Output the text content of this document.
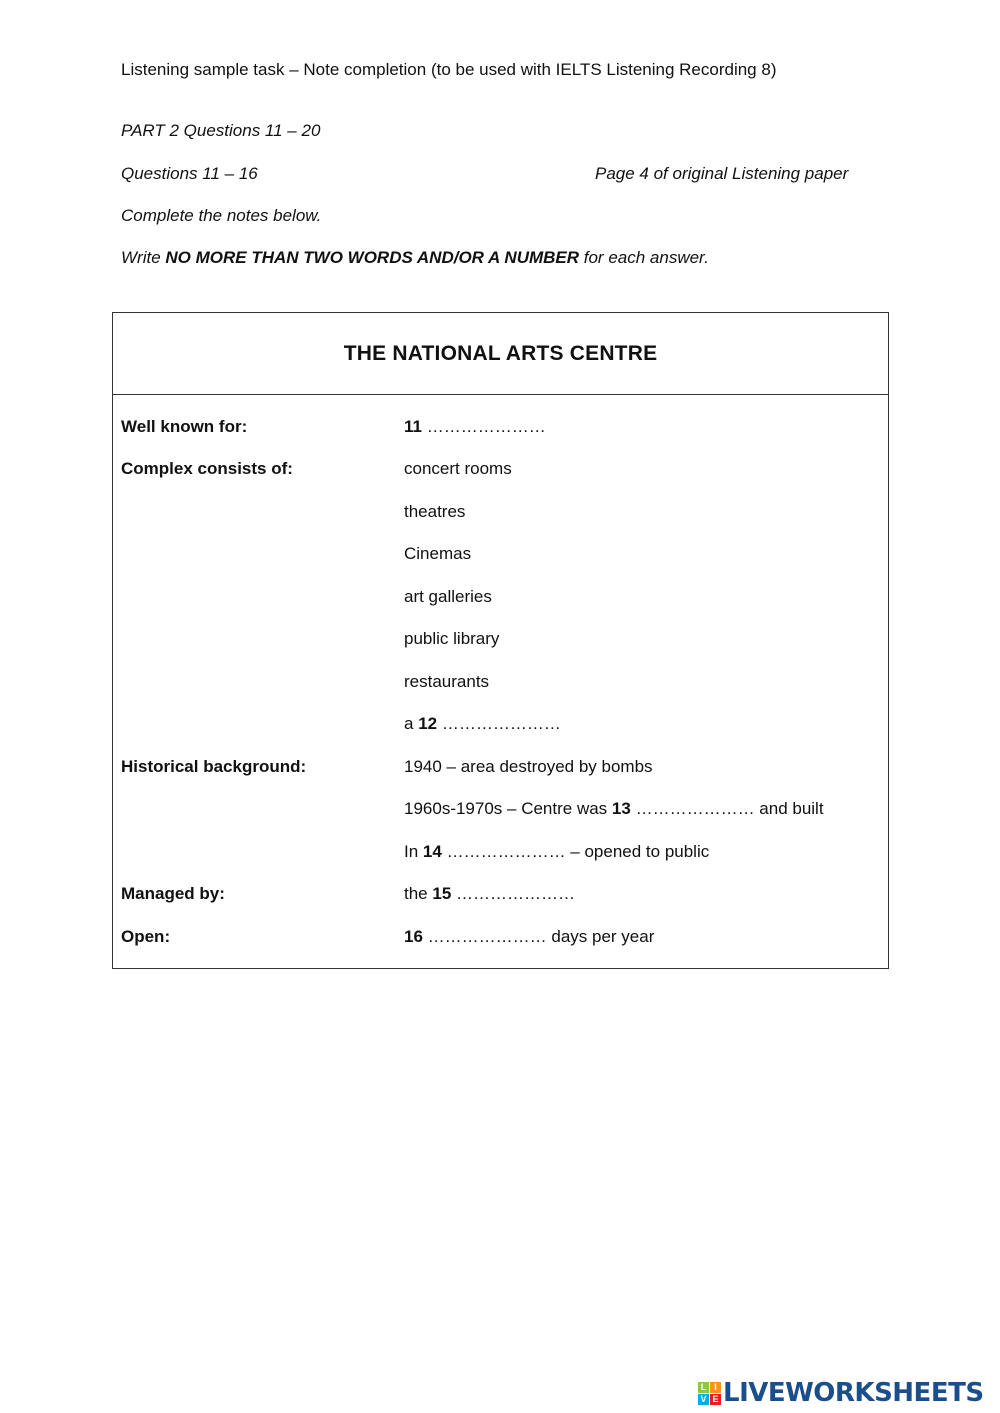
Listening sample task – Note completion (to be used with IELTS Listening Recording 8)
PART 2 Questions 11 – 20
Questions 11 – 16	Page 4 of original Listening paper
Complete the notes below.
Write NO MORE THAN TWO WORDS AND/OR A NUMBER for each answer.
THE NATIONAL ARTS CENTRE
Well known for:	11 …………………
Complex consists of:	concert rooms
theatres
Cinemas
art galleries
public library
restaurants
a 12 …………………
Historical background:	1940 – area destroyed by bombs
1960s-1970s – Centre was 13 ………………… and built
In 14 ………………… – opened to public
Managed by:	the 15 …………………
Open:	16 ………………… days per year
L I
V E LIVEWORKSHEETS
